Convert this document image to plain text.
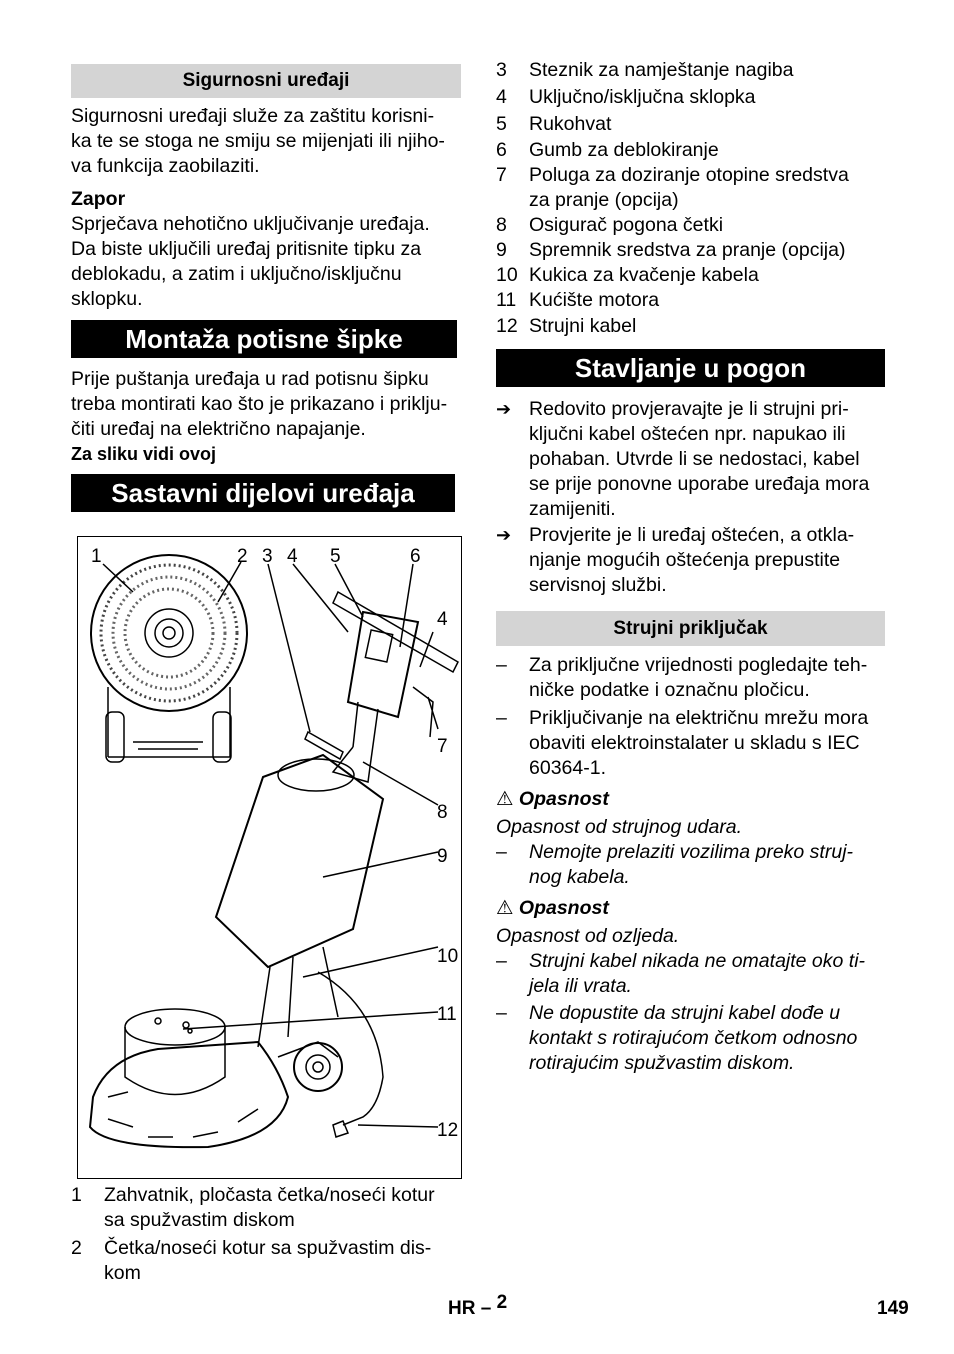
Sigurnosni uređaji

Sigurnosni uređaji služe za zaštitu korisni-

ka te se stoga ne smiju se mijenjati ili njiho-

va funkcija zaobilaziti.

Zapor

Sprječava nehotično uključivanje uređaja.

Da biste uključili uređaj pritisnite tipku za

deblokadu, a zatim i uključno/isključnu

sklopku.

Montaža potisne šipke

Prije puštanja uređaja u rad potisnu šipku

treba montirati kao što je prikazano i priklju-

čiti uređaj na električno napajanje.

Za sliku vidi ovoj

Sastavni dijelovi uređaja
1	2 3 4 5	6
4
7
8
9
10
11
12
1	Zahvatnik, pločasta četka/noseći kotur
sa spužvastim diskom
2	Četka/noseći kotur sa spužvastim dis-
kom
3	Steznik za namještanje nagiba
4	Uključno/isključna sklopka
5	Rukohvat
6	Gumb za deblokiranje
7	Poluga za doziranje otopine sredstva
za pranje (opcija)
8	Osigurač pogona četki
9	Spremnik sredstva za pranje (opcija)
10 Kukica za kvačenje kabela
11 Kućište motora
12 Strujni kabel
Stavljanje u pogon
➔ Redovito provjeravajte je li strujni pri-
ključni kabel oštećen npr. napukao ili
pohaban. Utvrde li se nedostaci, kabel
se prije ponovne uporabe uređaja mora
zamijeniti.
➔ Provjerite je li uređaj oštećen, a otkla-
njanje mogućih oštećenja prepustite
servisnoj službi.
Strujni priključak
–	Za priključne vrijednosti pogledajte teh-
ničke podatke i označnu pločicu.
–	Priključivanje na električnu mrežu mora
obaviti elektroinstalater u skladu s IEC
60364-1.

⚠ Opasnost

Opasnost od strujnog udara.

–	Nemojte prelaziti vozilima preko struj-
nog kabela.

⚠ Opasnost

Opasnost od ozljeda.

–	Strujni kabel nikada ne omatajte oko ti-
jela ili vrata.
–	Ne dopustite da strujni kabel dođe u
kontakt s rotirajućom četkom odnosno
rotirajućim spužvastim diskom.
HR – 2	149
